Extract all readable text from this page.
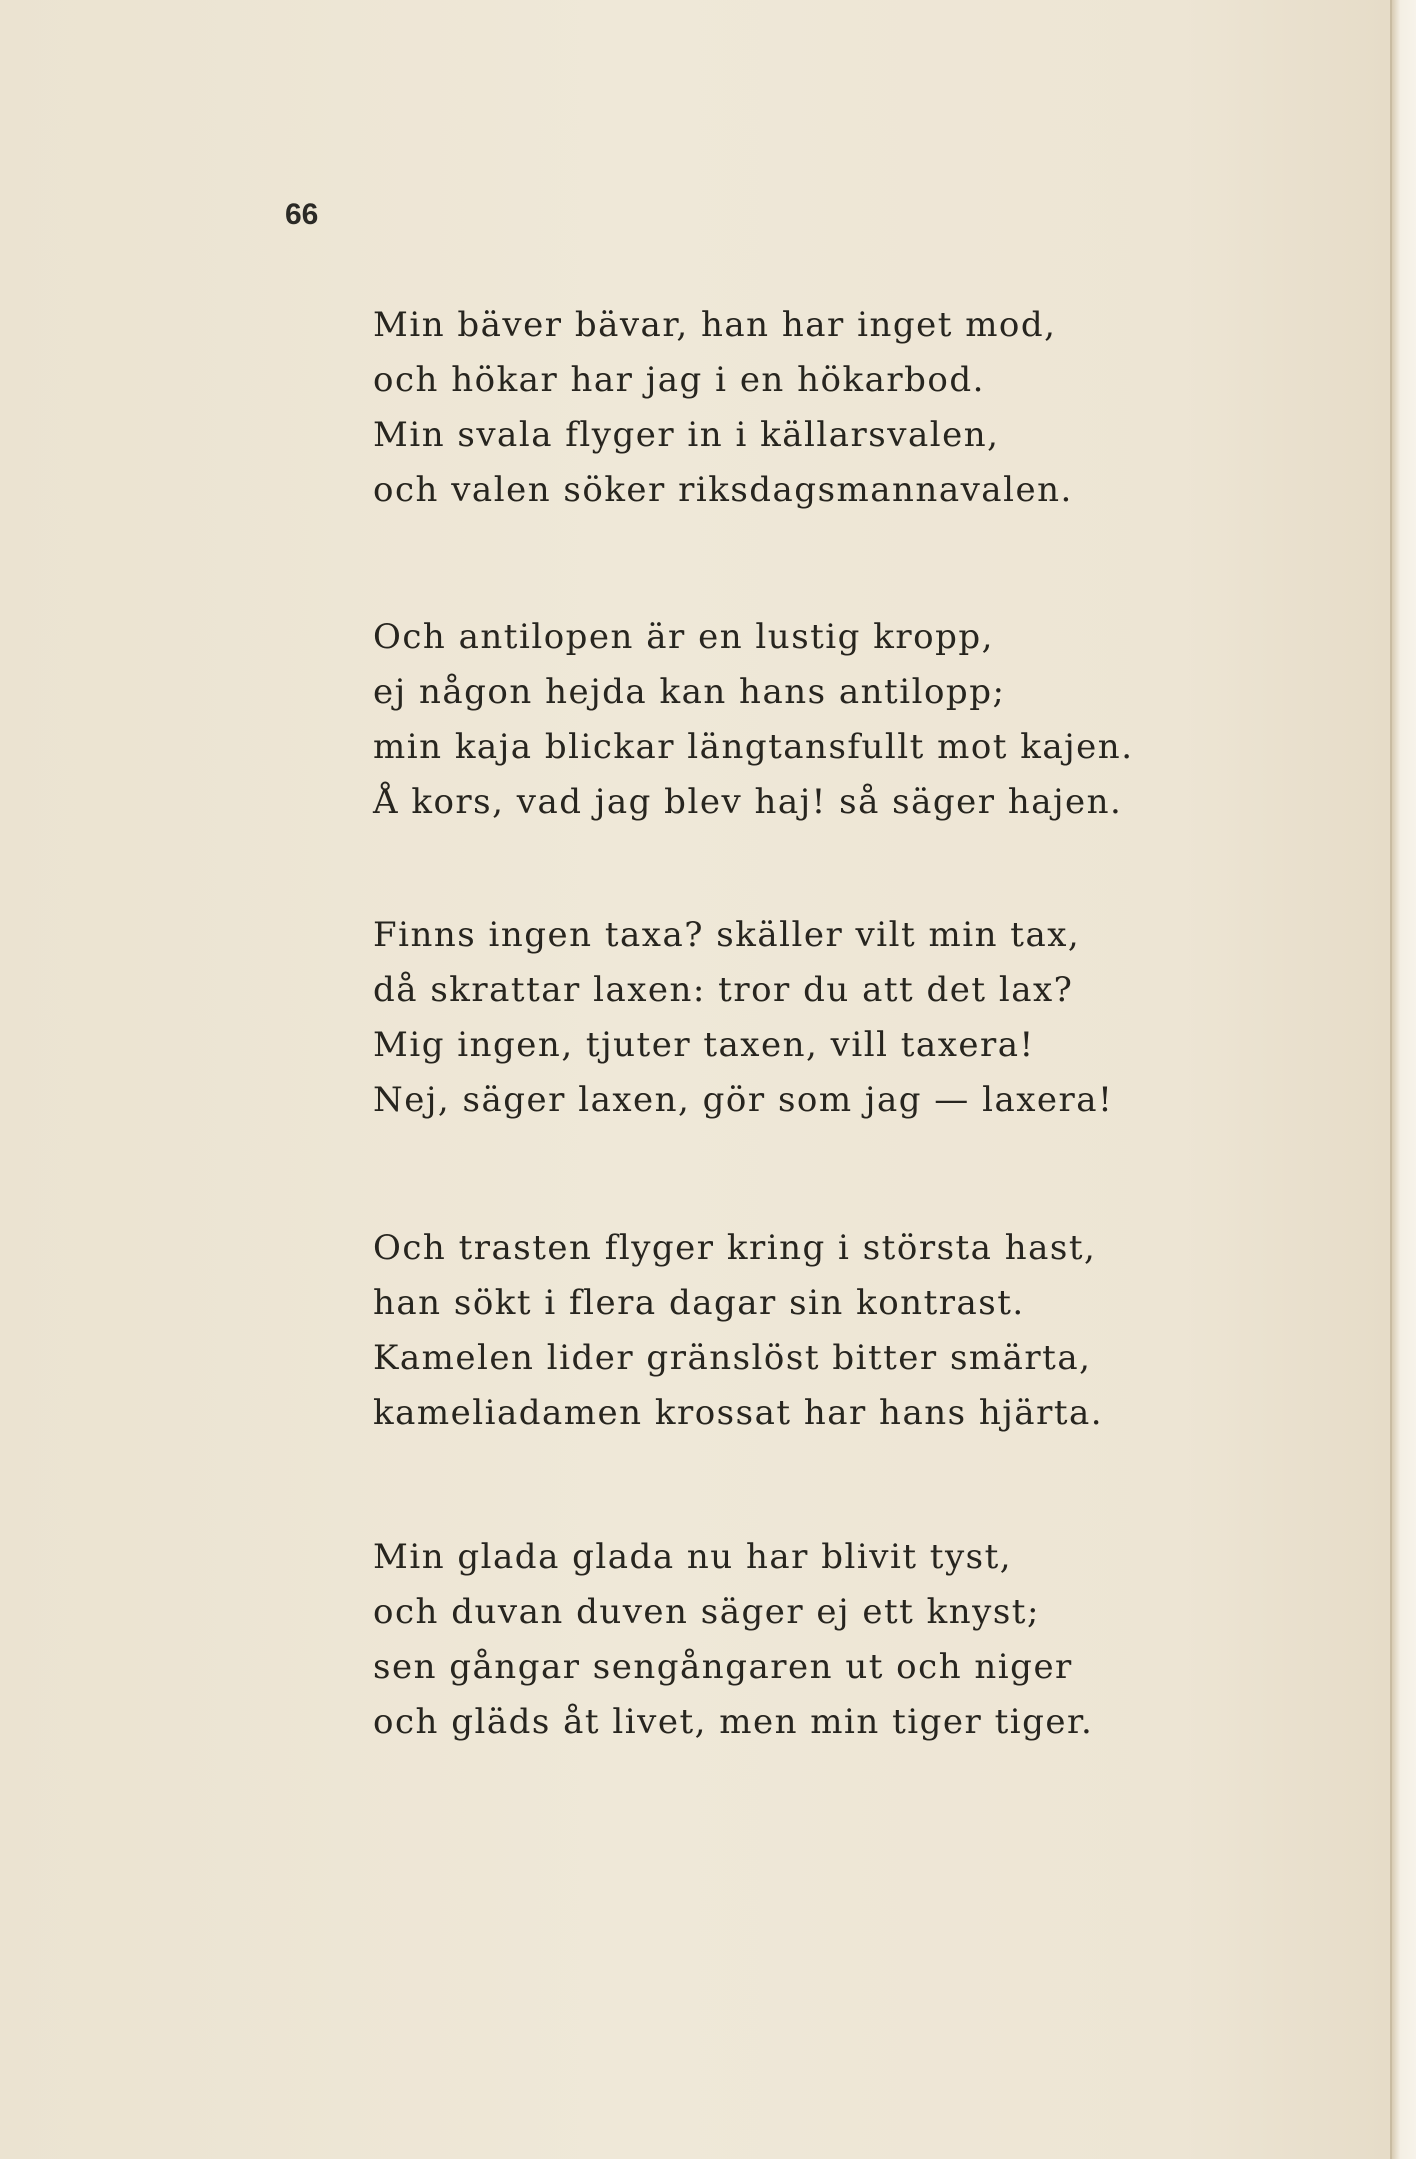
66
Min bäver bävar, han har inget mod,
och hökar har jag i en hökarbod.
Min svala flyger in i källarsvalen,
och valen söker riksdagsmannavalen.
Och antilopen är en lustig kropp,
ej någon hejda kan hans antilopp;
min kaja blickar längtansfullt mot kajen.
Å kors, vad jag blev haj! så säger hajen.
Finns ingen taxa? skäller vilt min tax,
då skrattar laxen: tror du att det lax?
Mig ingen, tjuter taxen, vill taxera!
Nej, säger laxen, gör som jag — laxera!
Och trasten flyger kring i största hast,
han sökt i flera dagar sin kontrast.
Kamelen lider gränslöst bitter smärta,
kameliadamen krossat har hans hjärta.
Min glada glada nu har blivit tyst,
och duvan duven säger ej ett knyst;
sen gångar sengångaren ut och niger
och gläds åt livet, men min tiger tiger.
